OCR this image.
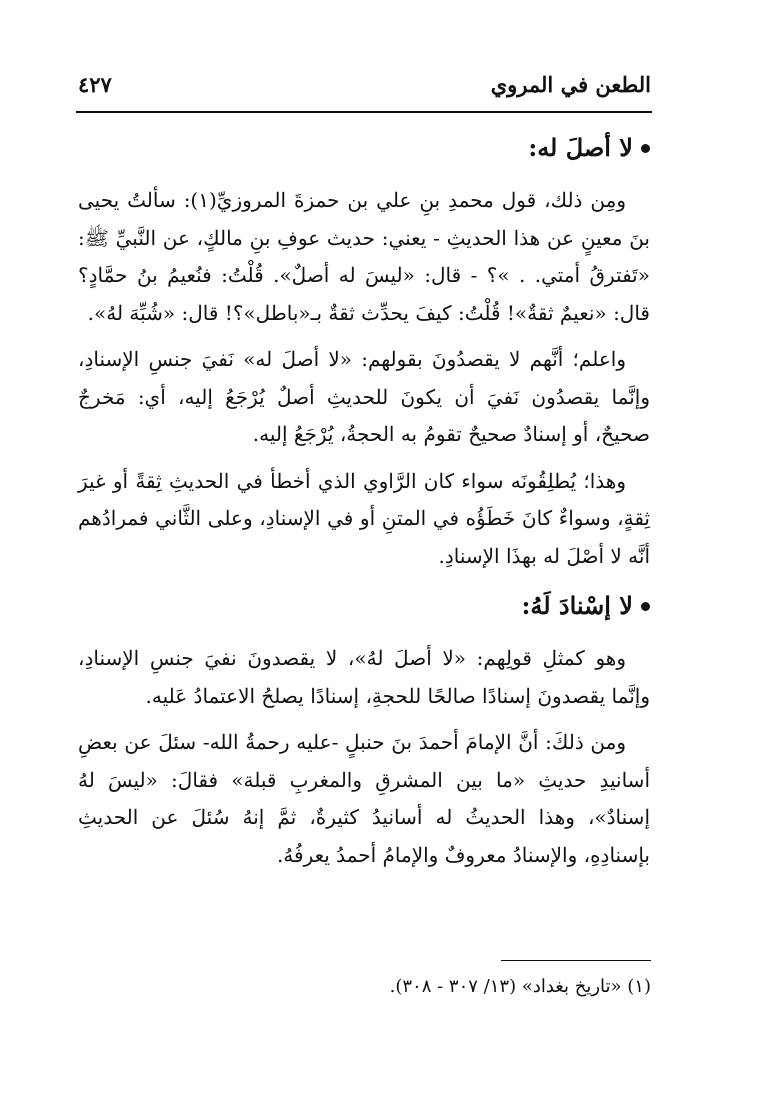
الطعن في المروي
٤٢٧
لا أصلَ له:

ومِن ذلك، قول محمدِ بنِ علي بن حمزةَ المروزيِّ(١): سألتُ يحيى بنَ معينٍ عن هذا الحديثِ - يعني: حديث عوفِ بنِ مالكٍ، عن النَّبيِّ ﷺ: «تَفترقُ أمتي. . »؟ - قال: «ليسَ له أصلٌ». قُلْتُ: فنُعيمُ بنُ حمَّادٍ؟ قال: «نعيمٌ ثقةٌ»! قُلْتُ: كيفَ يحدِّث ثقةٌ بـ«باطل»؟! قال: «شُبِّهَ لهُ».

واعلم؛ أنَّهم لا يقصدُونَ بقولهم: «لا أصلَ له» نَفيَ جنسِ الإسنادِ، وإنَّما يقصدُون نَفيَ أن يكونَ للحديثِ أصلٌ يُرْجَعُ إليه، أي: مَخرجٌ صحيحٌ، أو إسنادٌ صحيحٌ تقومُ به الحجةُ، يُرْجَعُ إليه.

وهذا؛ يُطلِقُونَه سواء كان الرَّاوي الذي أخطأ في الحديثِ ثِقةً أو غيرَ ثِقةٍ، وسواءٌ كانَ خَطَؤُه في المتنِ أو في الإسنادِ، وعلى الثَّاني فمرادُهم أنَّه لا أصْلَ له بهذَا الإسنادِ.

لا إسْنادَ لَهُ:

وهو كمثلِ قولِهم: «لا أصلَ لهُ»، لا يقصدونَ نفيَ جنسِ الإسنادِ، وإنَّما يقصدونَ إسنادًا صالحًا للحجةِ، إسنادًا يصلحُ الاعتمادُ عَليه.

ومن ذلكَ: أنَّ الإمامَ أحمدَ بنَ حنبلٍ -عليه رحمةُ الله- سئلَ عن بعضِ أسانيدِ حديثِ «ما بين المشرقِ والمغربِ قبلة» فقالَ: «ليسَ لهُ إسنادٌ»، وهذا الحديثُ له أسانيدُ كثيرةٌ، ثمَّ إنهُ سُئلَ عن الحديثِ بإسنادِهِ، والإسنادُ معروفٌ والإمامُ أحمدُ يعرفُهُ.

(١) «تاريخ بغداد» (١٣/ ٣٠٧ - ٣٠٨).
